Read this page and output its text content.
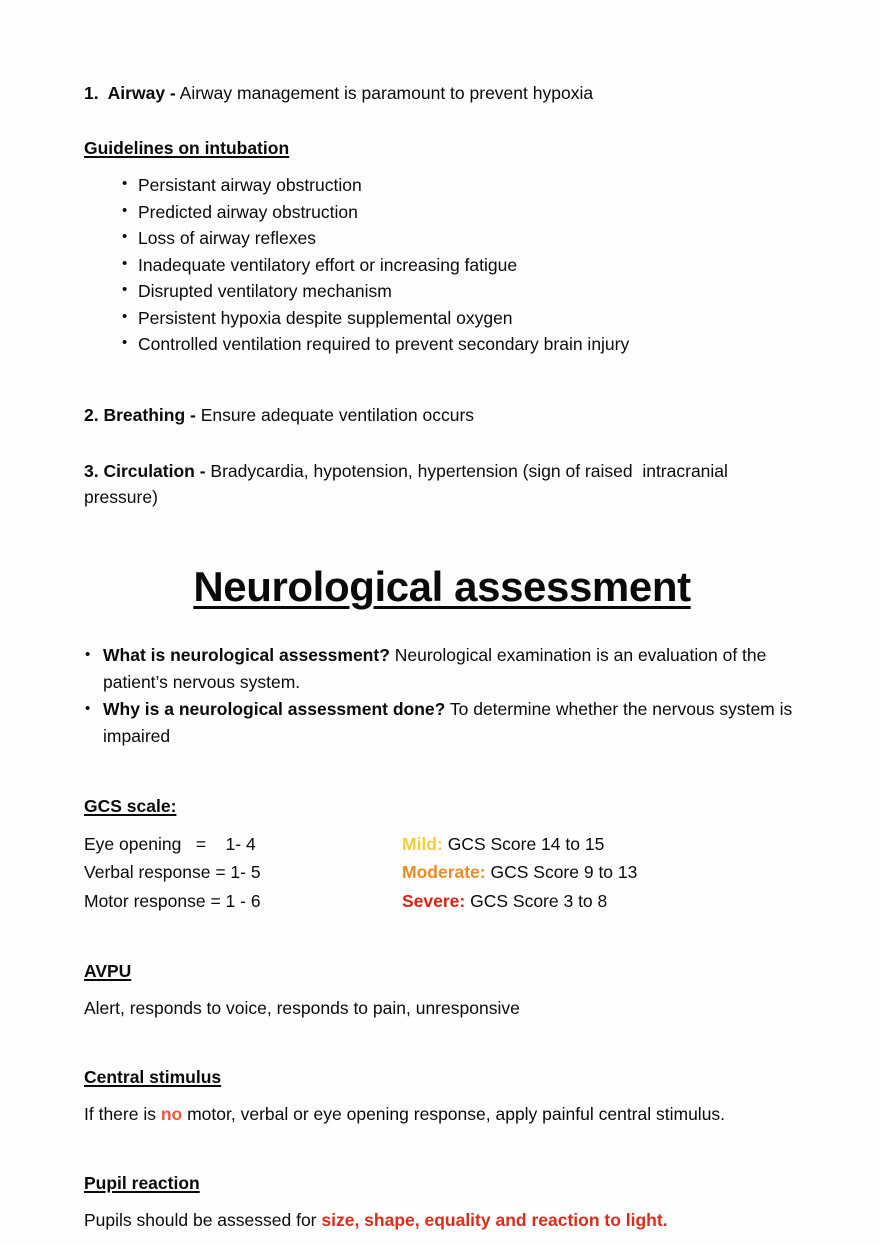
1.  Airway - Airway management is paramount to prevent hypoxia

Guidelines on intubation

• Persistant airway obstruction
• Predicted airway obstruction
• Loss of airway reflexes
• Inadequate ventilatory effort or increasing fatigue
• Disrupted ventilatory mechanism
• Persistent hypoxia despite supplemental oxygen
• Controlled ventilation required to prevent secondary brain injury

2. Breathing - Ensure adequate ventilation occurs

3. Circulation - Bradycardia, hypotension, hypertension (sign of raised  intracranial pressure)

Neurological assessment
• What is neurological assessment? Neurological examination is an evaluation of the patient’s nervous system.
• Why is a neurological assessment done? To determine whether the nervous system is impaired

GCS scale:

Eye opening   =    1- 4	Mild: GCS Score 14 to 15
Verbal response = 1- 5	Moderate: GCS Score 9 to 13
Motor response = 1 - 6	Severe: GCS Score 3 to 8

AVPU

Alert, responds to voice, responds to pain, unresponsive

Central stimulus

If there is no motor, verbal or eye opening response, apply painful central stimulus.

Pupil reaction

Pupils should be assessed for size, shape, equality and reaction to light.
